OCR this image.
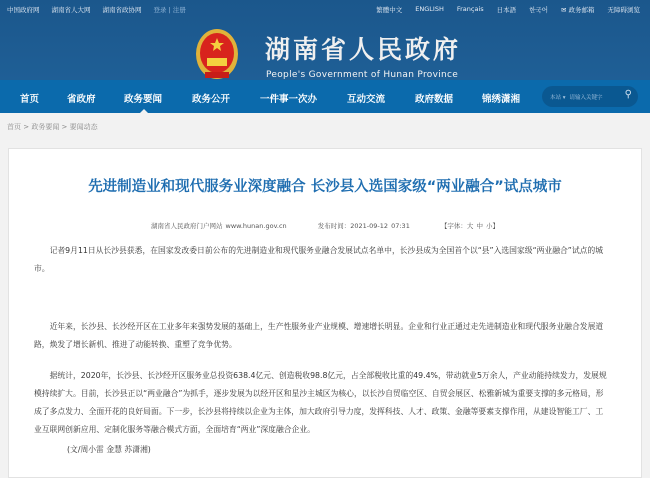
中国政府网 湖南省人大网 湖南省政协网 登录 | 注册	繁體中文 ENGLISH Français 日本語 한국어 ✉ 政务邮箱 无障碍浏览
湖南省人民政府
People's Government of Hunan Province
首页	省政府	政务要闻	政务公开	一件事一次办	互动交流	政府数据	锦绣潇湘	本站 ▾ 请输入关键字 ⚲
首页 > 政务要闻 > 要闻动态
先进制造业和现代服务业深度融合 长沙县入选国家级“两业融合”试点城市
湖南省人民政府门户网站 www.hunan.gov.cn	发布时间：2021-09-12 07:31	【字体：大 中 小】

记者9月11日从长沙县获悉，在国家发改委日前公布的先进制造业和现代服务业融合发展试点名单中，长沙县成为全国首个以“县”入选国家级“两业融合”试点的城市。

近年来，长沙县、长沙经开区在工业多年来强势发展的基础上，生产性服务业产业规模、增速增长明显。企业和行业正通过走先进制造业和现代服务业融合发展道路，焕发了增长新机、推进了动能转换、重塑了竞争优势。

据统计，2020年，长沙县、长沙经开区服务业总投资638.4亿元、创造税收98.8亿元，占全部税收比重的49.4%，带动就业5万余人，产业动能持续发力，发展规模持续扩大。目前，长沙县正以“两业融合”为抓手，逐步发展为以经开区和星沙主城区为核心，以长沙自贸临空区、自贸会展区、松雅新城为重要支撑的多元格局，形成了多点发力、全面开花的良好局面。下一步，长沙县将持续以企业为主体，加大政府引导力度，发挥科技、人才、政策、金融等要素支撑作用，从建设智能工厂、工业互联网创新应用、定制化服务等融合模式方面，全面培育“两业”深度融合企业。

(文/周小雷 金慧 苏潇湘)
